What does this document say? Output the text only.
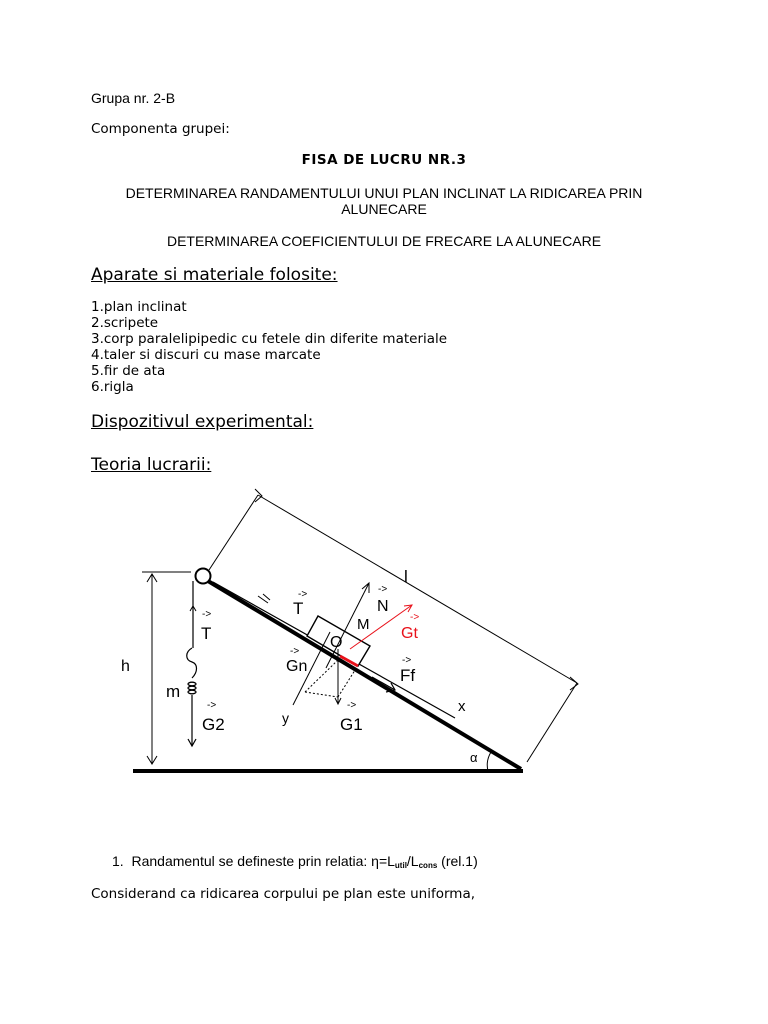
Grupa nr. 2-B
Componenta grupei:
FISA DE LUCRU NR.3
DETERMINAREA RANDAMENTULUI UNUI PLAN INCLINAT LA RIDICAREA PRIN
ALUNECARE
DETERMINAREA COEFICIENTULUI DE FRECARE LA ALUNECARE
Aparate si materiale folosite:
1.plan inclinat
2.scripete
3.corp paralelipipedic cu fetele din diferite materiale
4.taler si discuri cu mase marcate
5.fir de ata
6.rigla
Dispozitivul experimental:
Teoria lucrarii:
->
->
->
->
->
->
->	->
l
h
T
T
N
M
O
Gt
Gn	Ff
m
G2	G1
x
y
α
1. Randamentul se defineste prin relatia: $\eta=L_{util}/L_{cons}$ (rel.1)
Considerand ca ridicarea corpului pe plan este uniforma,
